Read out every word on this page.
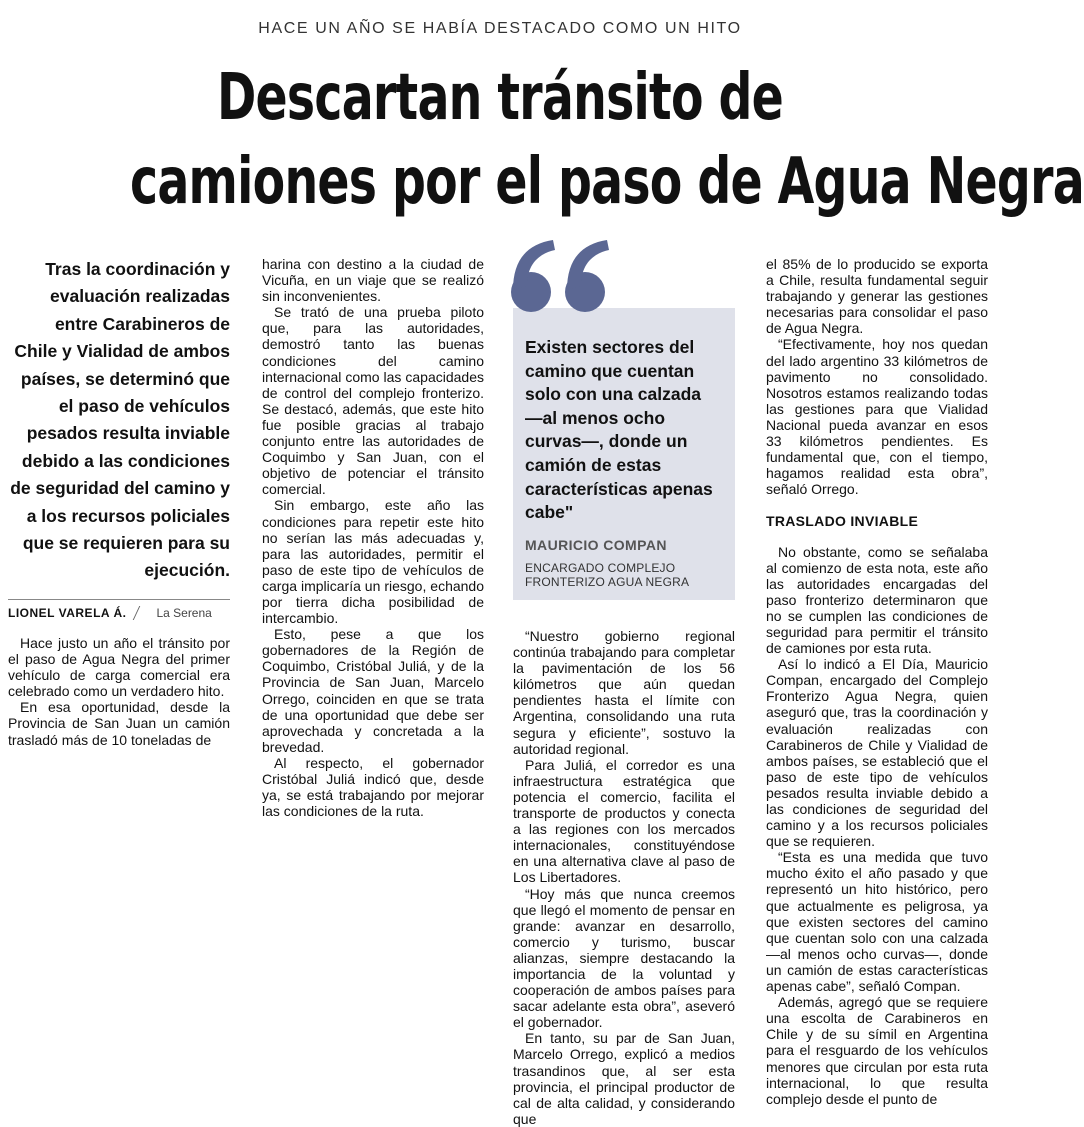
HACE UN AÑO SE HABÍA DESTACADO COMO UN HITO
Descartan tránsito de
camiones por el paso de Agua Negra

Tras la coordinación y evaluación realizadas entre Carabineros de Chile y Vialidad de ambos países, se determinó que el paso de vehículos pesados resulta inviable debido a las condiciones de seguridad del camino y a los recursos policiales que se requieren para su ejecución.

LIONEL VARELA Á.	La Serena

Hace justo un año el tránsito por el paso de Agua Negra del primer vehículo de carga comercial era celebrado como un verdadero hito.

En esa oportunidad, desde la Provincia de San Juan un camión trasladó más de 10 toneladas de

harina con destino a la ciudad de Vicuña, en un viaje que se realizó sin inconvenientes.

Se trató de una prueba piloto que, para las autoridades, demostró tanto las buenas condiciones del camino internacional como las capacidades de control del complejo fronterizo. Se destacó, además, que este hito fue posible gracias al trabajo conjunto entre las autoridades de Coquimbo y San Juan, con el objetivo de potenciar el tránsito comercial.

Sin embargo, este año las condiciones para repetir este hito no serían las más adecuadas y, para las autoridades, permitir el paso de este tipo de vehículos de carga implicaría un riesgo, echando por tierra dicha posibilidad de intercambio.

Esto, pese a que los gobernadores de la Región de Coquimbo, Cristóbal Juliá, y de la Provincia de San Juan, Marcelo Orrego, coinciden en que se trata de una oportunidad que debe ser aprovechada y concretada a la brevedad.

Al respecto, el gobernador Cristóbal Juliá indicó que, desde ya, se está trabajando por mejorar las condiciones de la ruta.

Existen sectores del camino que cuentan solo con una calzada —al menos ocho curvas—, donde un camión de estas características apenas cabe"

MAURICIO COMPAN

ENCARGADO COMPLEJO FRONTERIZO AGUA NEGRA

“Nuestro gobierno regional continúa trabajando para completar la pavimentación de los 56 kilómetros que aún quedan pendientes hasta el límite con Argentina, consolidando una ruta segura y eficiente”, sostuvo la autoridad regional.

Para Juliá, el corredor es una infraestructura estratégica que potencia el comercio, facilita el transporte de productos y conecta a las regiones con los mercados internacionales, constituyéndose en una alternativa clave al paso de Los Libertadores.

“Hoy más que nunca creemos que llegó el momento de pensar en grande: avanzar en desarrollo, comercio y turismo, buscar alianzas, siempre destacando la importancia de la voluntad y cooperación de ambos países para sacar adelante esta obra”, aseveró el gobernador.

En tanto, su par de San Juan, Marcelo Orrego, explicó a medios trasandinos que, al ser esta provincia, el principal productor de cal de alta calidad, y considerando que

el 85% de lo producido se exporta a Chile, resulta fundamental seguir trabajando y generar las gestiones necesarias para consolidar el paso de Agua Negra.

“Efectivamente, hoy nos quedan del lado argentino 33 kilómetros de pavimento no consolidado. Nosotros estamos realizando todas las gestiones para que Vialidad Nacional pueda avanzar en esos 33 kilómetros pendientes. Es fundamental que, con el tiempo, hagamos realidad esta obra”, señaló Orrego.

TRASLADO INVIABLE

No obstante, como se señalaba al comienzo de esta nota, este año las autoridades encargadas del paso fronterizo determinaron que no se cumplen las condiciones de seguridad para permitir el tránsito de camiones por esta ruta.

Así lo indicó a El Día, Mauricio Compan, encargado del Complejo Fronterizo Agua Negra, quien aseguró que, tras la coordinación y evaluación realizadas con Carabineros de Chile y Vialidad de ambos países, se estableció que el paso de este tipo de vehículos pesados resulta inviable debido a las condiciones de seguridad del camino y a los recursos policiales que se requieren.

“Esta es una medida que tuvo mucho éxito el año pasado y que representó un hito histórico, pero que actualmente es peligrosa, ya que existen sectores del camino que cuentan solo con una calzada —al menos ocho curvas—, donde un camión de estas características apenas cabe”, señaló Compan.

Además, agregó que se requiere una escolta de Carabineros en Chile y de su símil en Argentina para el resguardo de los vehículos menores que circulan por esta ruta internacional, lo que resulta complejo desde el punto de
